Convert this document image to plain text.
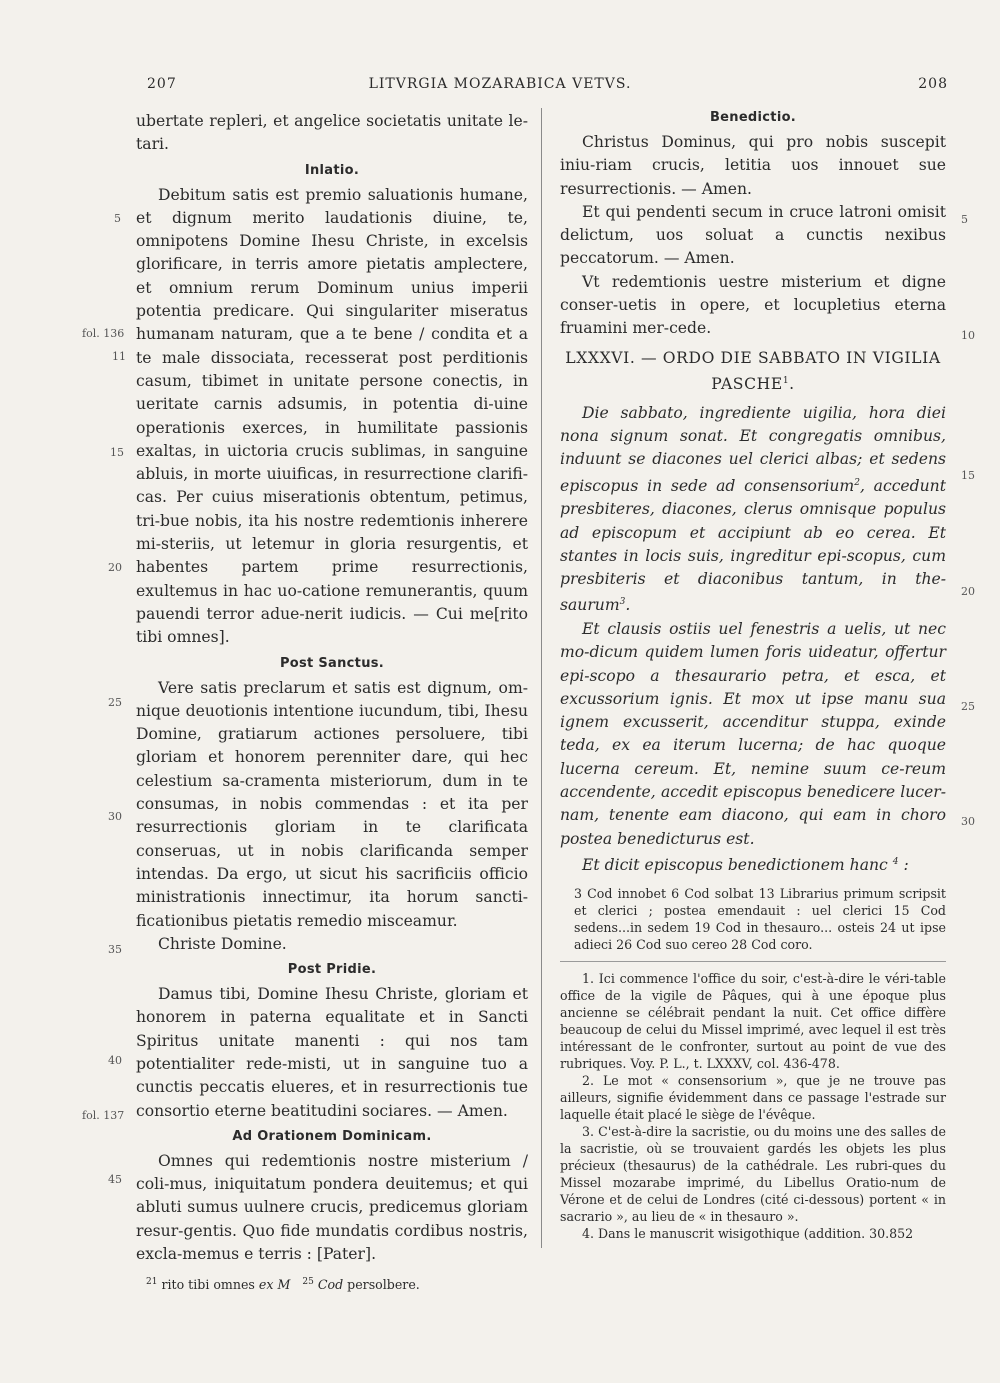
207	LITVRGIA MOZARABICA VETVS.	208
5
fol. 136
11
15
20
25
30
35
40
fol. 137
45
5
10
15
20
25
30

ubertate repleri, et angelice societatis unitate le-tari.

Inlatio.

Debitum satis est premio saluationis humane, et dignum merito laudationis diuine, te, omnipotens Domine Ihesu Christe, in excelsis glorificare, in terris amore pietatis amplectere, et omnium rerum Dominum unius imperii potentia predicare. Qui singulariter miseratus humanam naturam, que a te bene / condita et a te male dissociata, recesserat post perditionis casum, tibimet in unitate persone conectis, in ueritate carnis adsumis, in potentia di-uine operationis exerces, in humilitate passionis exaltas, in uictoria crucis sublimas, in sanguine abluis, in morte uiuificas, in resurrectione clarifi-cas. Per cuius miserationis obtentum, petimus, tri-bue nobis, ita his nostre redemtionis inherere mi-steriis, ut letemur in gloria resurgentis, et habentes partem prime resurrectionis, exultemus in hac uo-catione remunerantis, quum pauendi terror adue-nerit iudicis. — Cui me[rito tibi omnes].

Post Sanctus.

Vere satis preclarum et satis est dignum, om-nique deuotionis intentione iucundum, tibi, Ihesu Domine, gratiarum actiones persoluere, tibi gloriam et honorem perenniter dare, qui hec celestium sa-cramenta misteriorum, dum in te consumas, in nobis commendas : et ita per resurrectionis gloriam in te clarificata conseruas, ut in nobis clarificanda semper intendas. Da ergo, ut sicut his sacrificiis officio ministrationis innectimur, ita horum sancti-ficationibus pietatis remedio misceamur.

Christe Domine.

Post Pridie.

Damus tibi, Domine Ihesu Christe, gloriam et honorem in paterna equalitate et in Sancti Spiritus unitate manenti : qui nos tam potentialiter rede-misti, ut in sanguine tuo a cunctis peccatis elueres, et in resurrectionis tue consortio eterne beatitudini sociares. — Amen.

Ad Orationem Dominicam.

Omnes qui redemtionis nostre misterium / coli-mus, iniquitatum pondera deuitemus; et qui abluti sumus uulnere crucis, predicemus gloriam resur-gentis. Quo fide mundatis cordibus nostris, excla-memus e terris : [Pater].

$^{21}$ rito tibi omnes ex M $^{25}$ Cod persolbere.

Benedictio.

Christus Dominus, qui pro nobis suscepit iniu-riam crucis, letitia uos innouet sue resurrectionis. — Amen.

Et qui pendenti secum in cruce latroni omisit delictum, uos soluat a cunctis nexibus peccatorum. — Amen.

Vt redemtionis uestre misterium et digne conser-uetis in opere, et locupletius eterna fruamini mer-cede.

LXXXVI. — ORDO DIE SABBATO IN VIGILIA PASCHE$^1$.

Die sabbato, ingrediente uigilia, hora diei nona signum sonat. Et congregatis omnibus, induunt se diacones uel clerici albas; et sedens episcopus in sede ad consensorium$^2$, accedunt presbiteres, diacones, clerus omnisque populus ad episcopum et accipiunt ab eo cerea. Et stantes in locis suis, ingreditur epi-scopus, cum presbiteris et diaconibus tantum, in the-saurum$^3$.

Et clausis ostiis uel fenestris a uelis, ut nec mo-dicum quidem lumen foris uideatur, offertur epi-scopo a thesaurario petra, et esca, et excussorium ignis. Et mox ut ipse manu sua ignem excusserit, accenditur stuppa, exinde teda, ex ea iterum lucerna; de hac quoque lucerna cereum. Et, nemine suum ce-reum accendente, accedit episcopus benedicere lucer-nam, tenente eam diacono, qui eam in choro postea benedicturus est.

Et dicit episcopus benedictionem hanc $^4$ :

3 Cod innobet 6 Cod solbat 13 Librarius primum scripsit et clerici ; postea emendauit : uel clerici 15 Cod sedens...in sedem 19 Cod in thesauro... osteis 24 ut ipse adieci 26 Cod suo cereo 28 Cod coro.

1. Ici commence l'office du soir, c'est-à-dire le véri-table office de la vigile de Pâques, qui à une époque plus ancienne se célébrait pendant la nuit. Cet office diffère beaucoup de celui du Missel imprimé, avec lequel il est très intéressant de le confronter, surtout au point de vue des rubriques. Voy. P. L., t. LXXXV, col. 436-478.

2. Le mot « consensorium », que je ne trouve pas ailleurs, signifie évidemment dans ce passage l'estrade sur laquelle était placé le siège de l'évêque.

3. C'est-à-dire la sacristie, ou du moins une des salles de la sacristie, où se trouvaient gardés les objets les plus précieux (thesaurus) de la cathédrale. Les rubri-ques du Missel mozarabe imprimé, du Libellus Oratio-num de Vérone et de celui de Londres (cité ci-dessous) portent « in sacrario », au lieu de « in thesauro ».

4. Dans le manuscrit wisigothique (addition. 30.852
